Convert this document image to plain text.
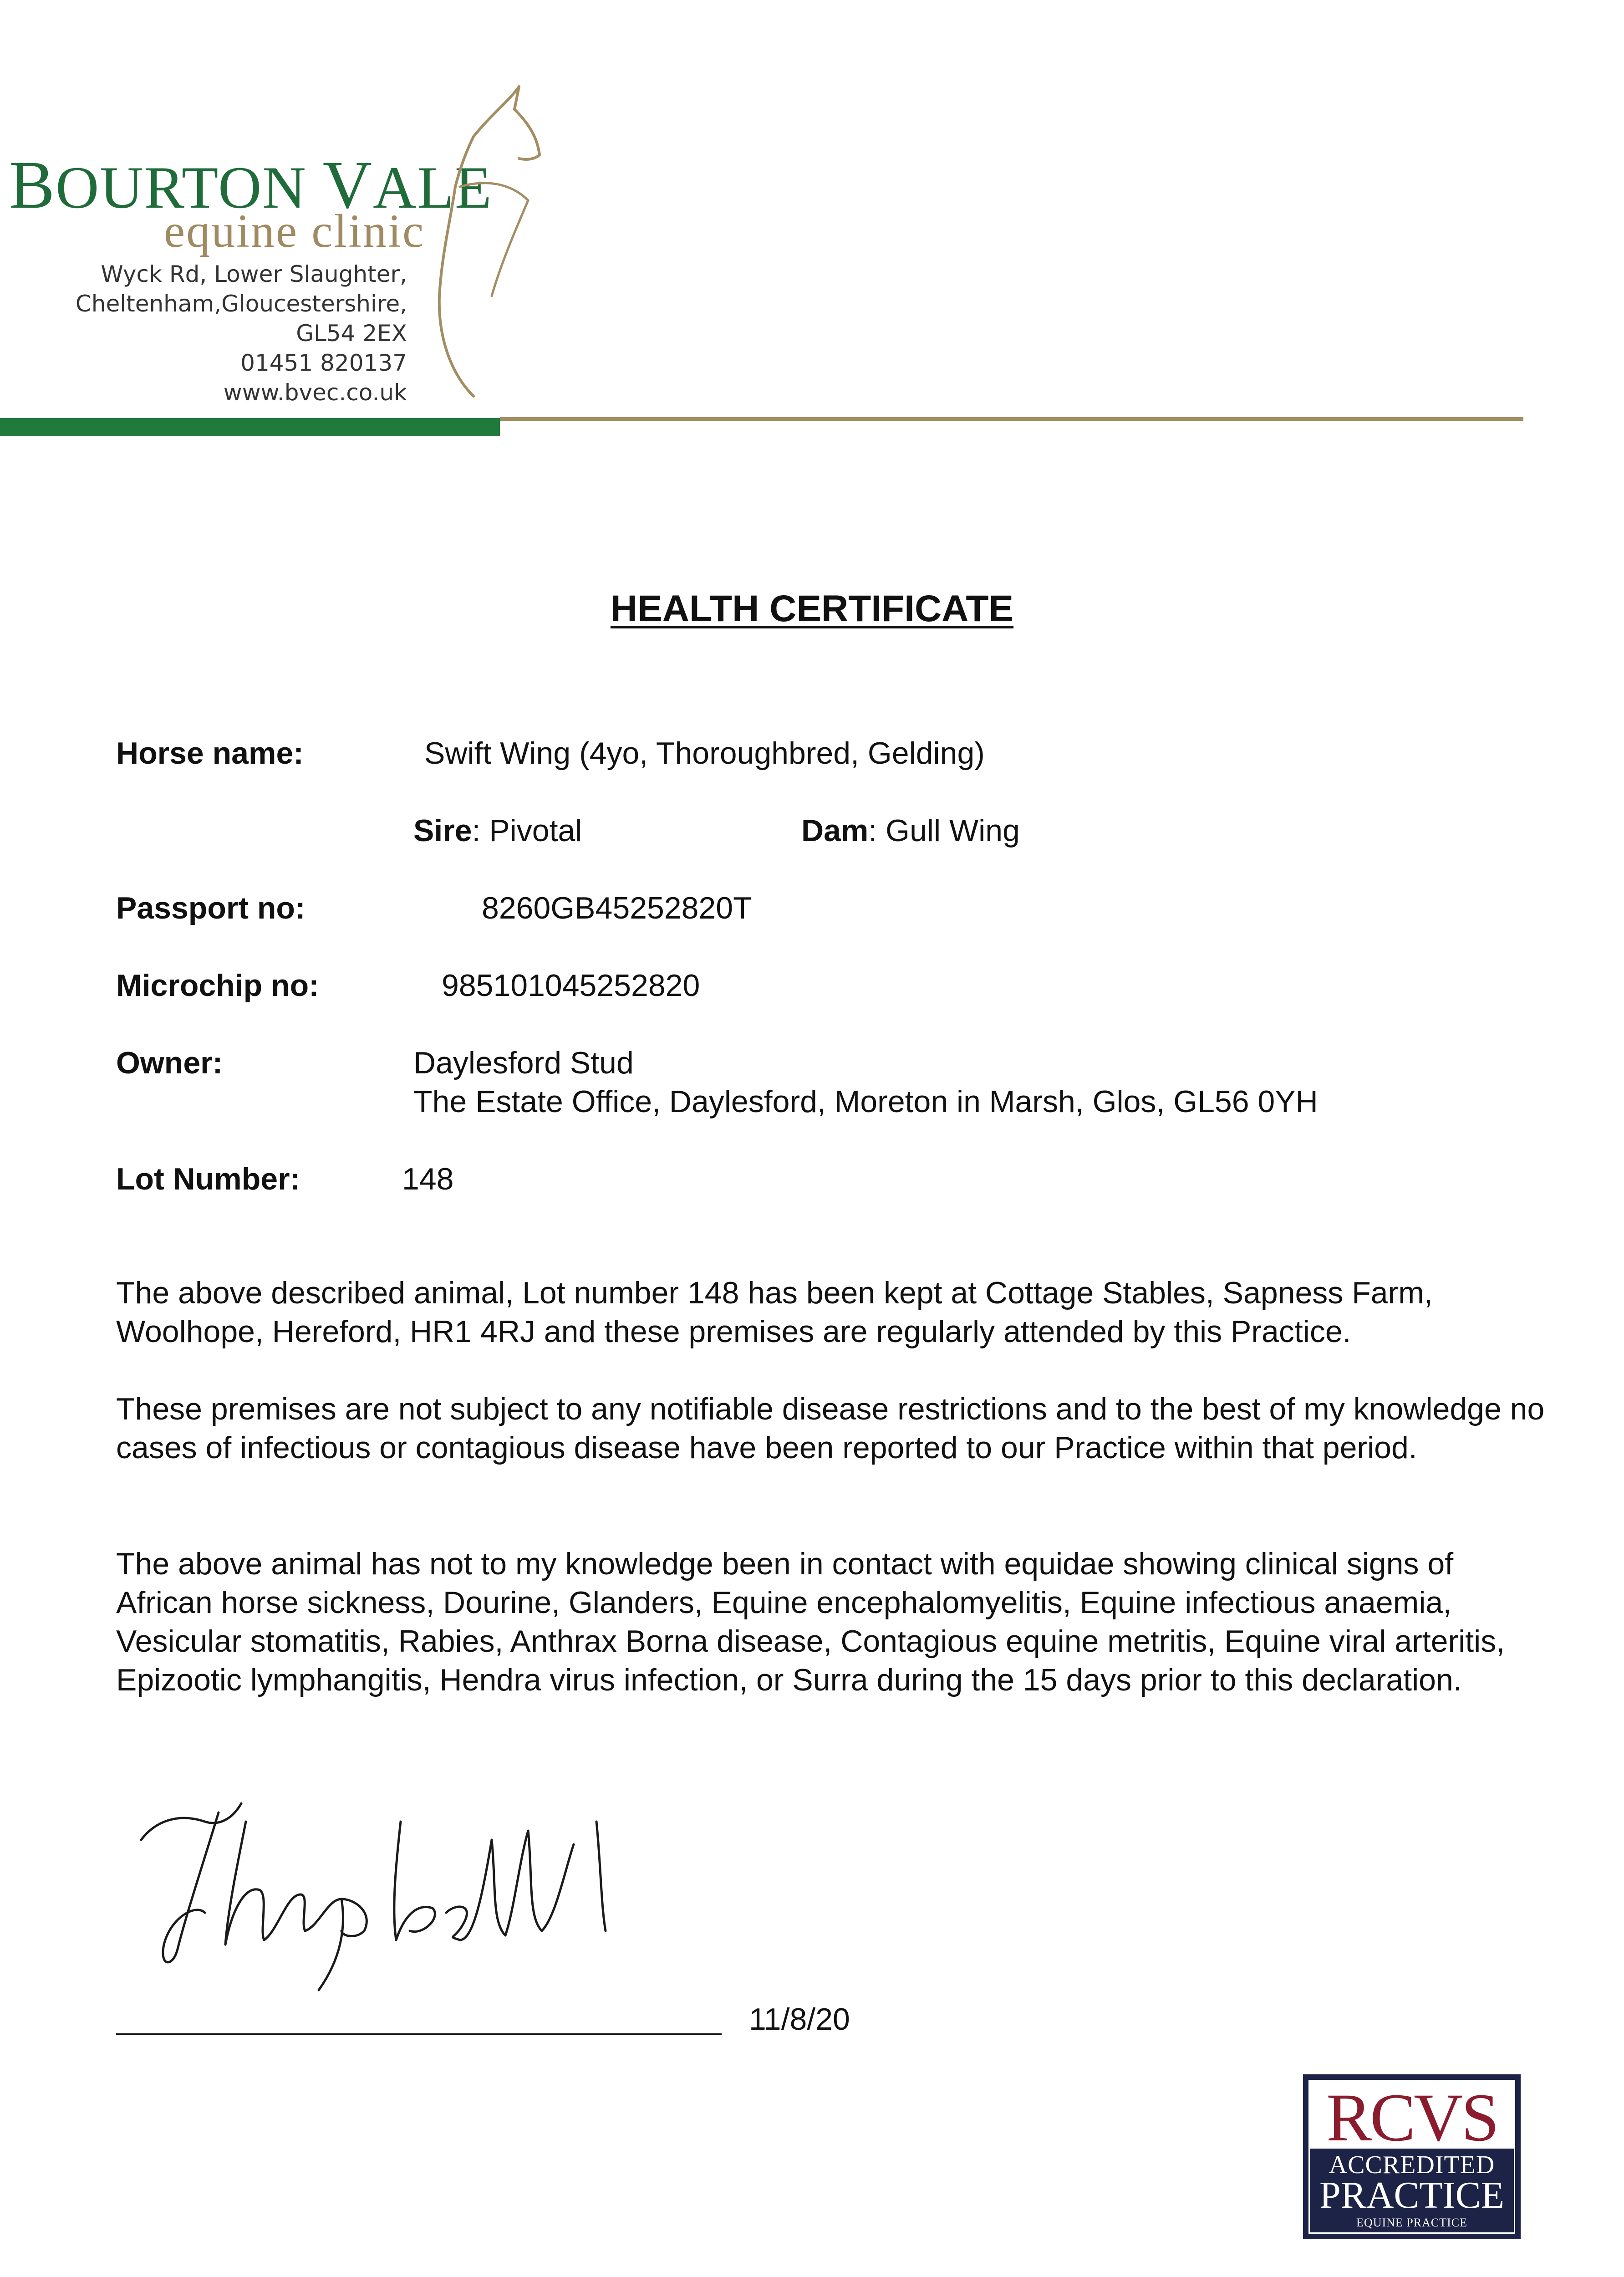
BOURTON VALE
equine clinic
Wyck Rd, Lower Slaughter,
Cheltenham,Gloucestershire,
GL54 2EX
01451 820137
www.bvec.co.uk
HEALTH CERTIFICATE
Horse name:	Swift Wing (4yo, Thoroughbred, Gelding)
Sire: Pivotal	Dam: Gull Wing
Passport no:	8260GB45252820T
Microchip no:	985101045252820
Owner:	Daylesford Stud
The Estate Office, Daylesford, Moreton in Marsh, Glos, GL56 0YH
Lot Number:	148

The above described animal, Lot number 148 has been kept at Cottage Stables, Sapness Farm, Woolhope, Hereford, HR1 4RJ and these premises are regularly attended by this Practice.

These premises are not subject to any notifiable disease restrictions and to the best of my knowledge no cases of infectious or contagious disease have been reported to our Practice within that period.

The above animal has not to my knowledge been in contact with equidae showing clinical signs of African horse sickness, Dourine, Glanders, Equine encephalomyelitis, Equine infectious anaemia, Vesicular stomatitis, Rabies, Anthrax Borna disease, Contagious equine metritis, Equine viral arteritis, Epizootic lymphangitis, Hendra virus infection, or Surra during the 15 days prior to this declaration.

11/8/20
RCVS
ACCREDITED
PRACTICE
EQUINE PRACTICE
